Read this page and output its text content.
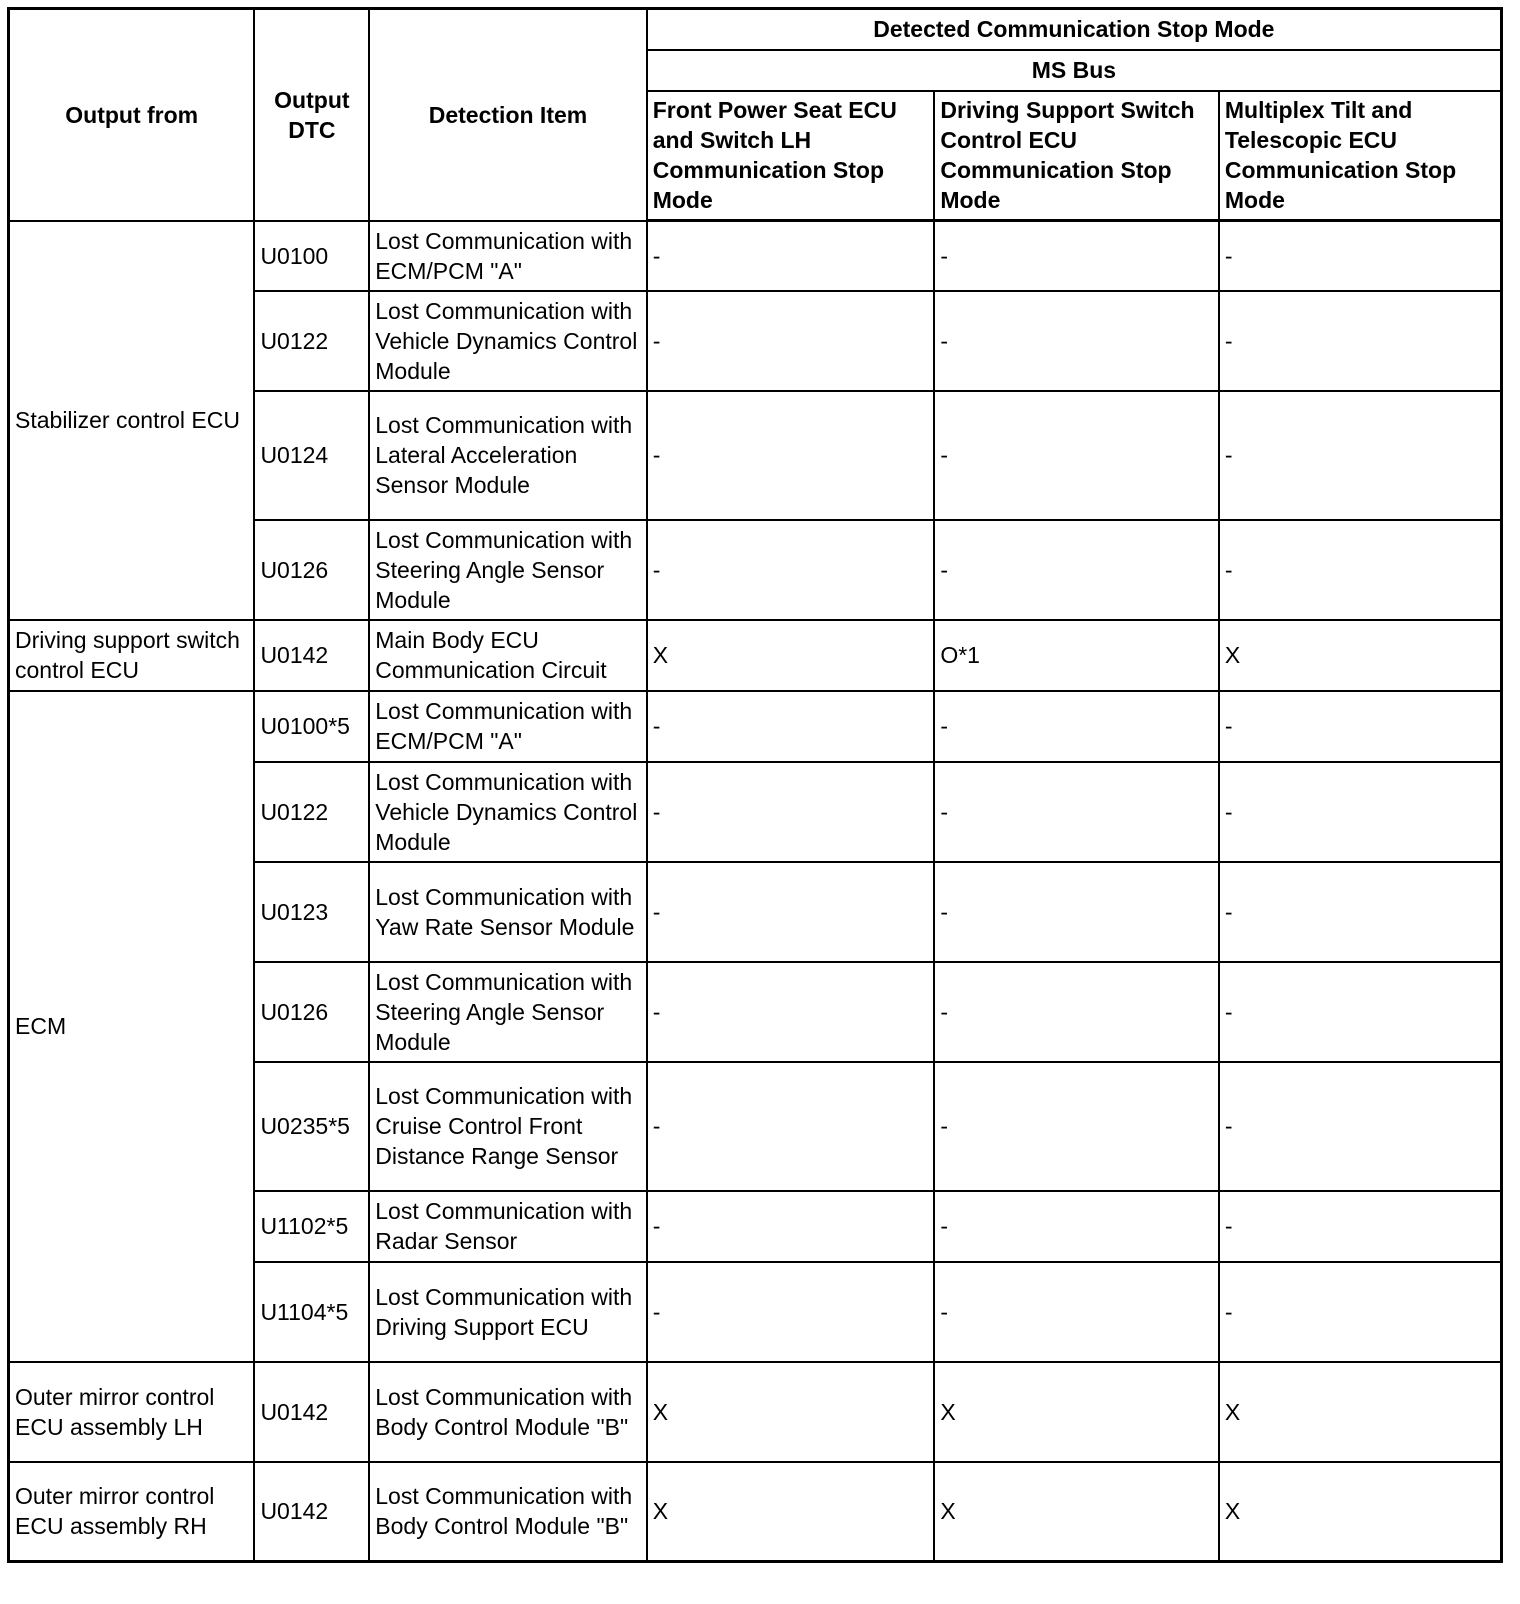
Output from	Output DTC	Detection Item	Detected Communication Stop Mode		
			MS Bus		
			Front Power Seat ECU and Switch LH Communication Stop Mode	Driving Support Switch Control ECU Communication Stop Mode	Multiplex Tilt and Telescopic ECU Communication Stop Mode
Stabilizer control ECU	U0100	Lost Communication with ECM/PCM "A"	-	-	-
	U0122	Lost Communication with Vehicle Dynamics Control Module	-	-	-
	U0124	Lost Communication with Lateral Acceleration Sensor Module	-	-	-
	U0126	Lost Communication with Steering Angle Sensor Module	-	-	-
Driving support switch control ECU	U0142	Main Body ECU Communication Circuit	X	O*1	X
ECM	U0100*5	Lost Communication with ECM/PCM "A"	-	-	-
	U0122	Lost Communication with Vehicle Dynamics Control Module	-	-	-
	U0123	Lost Communication with Yaw Rate Sensor Module	-	-	-
	U0126	Lost Communication with Steering Angle Sensor Module	-	-	-
	U0235*5	Lost Communication with Cruise Control Front Distance Range Sensor	-	-	-
	U1102*5	Lost Communication with Radar Sensor	-	-	-
	U1104*5	Lost Communication with Driving Support ECU	-	-	-
Outer mirror control ECU assembly LH	U0142	Lost Communication with Body Control Module "B"	X	X	X
Outer mirror control ECU assembly RH	U0142	Lost Communication with Body Control Module "B"	X	X	X
